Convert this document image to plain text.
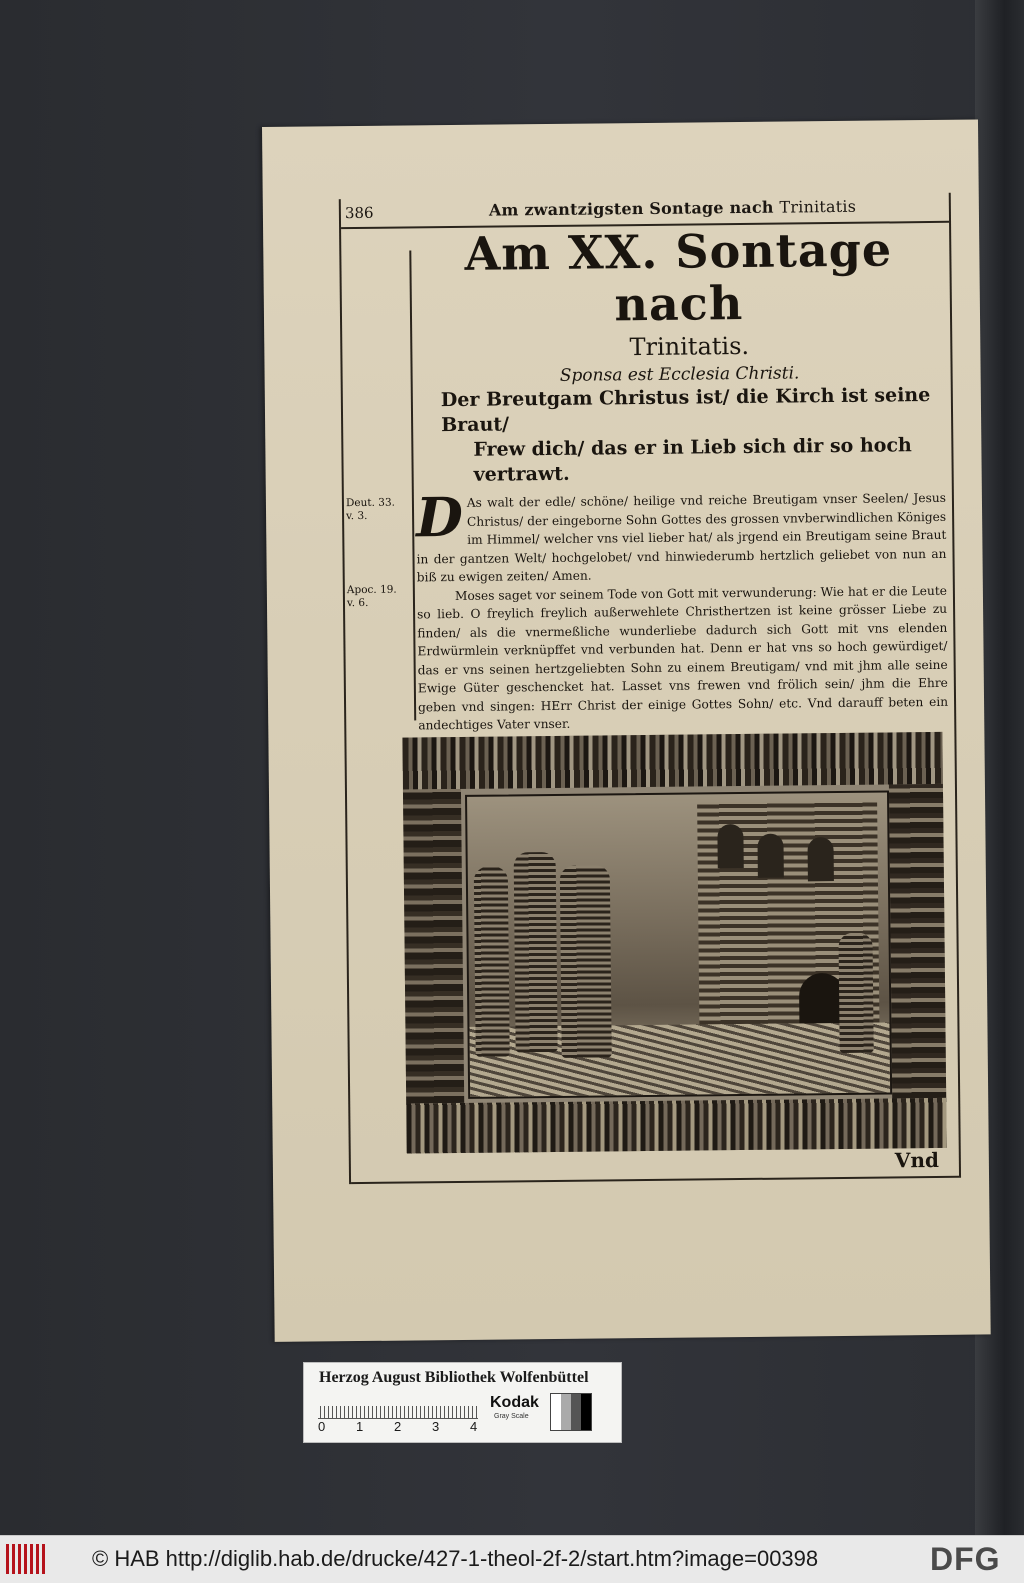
386	Am zwantzigsten Sontage nach Trinitatis
Deut. 33.
v. 3.
Apoc. 19.
v. 6.
Am XX. Sontage nach
Trinitatis.
Sponsa est Ecclesia Christi.
Der Breutgam Christus ist/ die Kirch ist seine Braut/
Frew dich/ das er in Lieb sich dir so hoch vertrawt.
D As walt der edle/ schöne/ heilige vnd reiche Breutigam vnser Seelen/ Jesus Christus/ der eingeborne Sohn Gottes des grossen vnvberwindlichen Königes im Himmel/ welcher vns viel lieber hat/ als jrgend ein Breutigam seine Braut in der gantzen Welt/ hochgelobet/ vnd hinwiederumb hertzlich geliebet von nun an biß zu ewigen zeiten/ Amen.

Moses saget vor seinem Tode von Gott mit verwunderung: Wie hat er die Leute so lieb. O freylich freylich außerwehlete Christhertzen ist keine grösser Liebe zu finden/ als die vnermeßliche wunderliebe dadurch sich Gott mit vns elenden Erdwürmlein verknüpffet vnd verbunden hat. Denn er hat vns so hoch gewürdiget/ das er vns seinen hertzgeliebten Sohn zu einem Breutigam/ vnd mit jhm alle seine Ewige Güter geschencket hat. Lasset vns frewen vnd frölich sein/ jhm die Ehre geben vnd singen: HErr Christ der einige Gottes Sohn/ etc. Vnd darauff beten ein andechtiges Vater vnser.

Vnd
Herzog August Bibliothek Wolfenbüttel
0 1 2 3 4
Kodak
Gray Scale
© HAB http://diglib.hab.de/drucke/427-1-theol-2f-2/start.htm?image=00398	DFG
